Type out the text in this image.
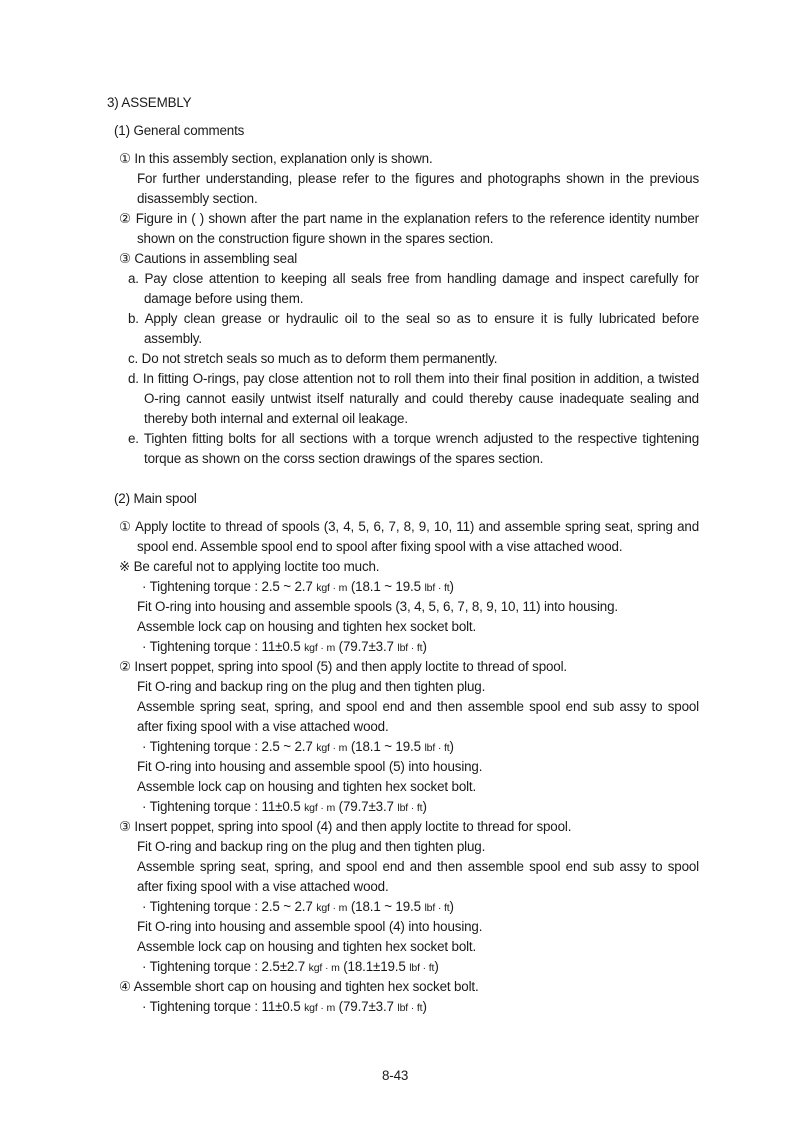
3) ASSEMBLY
(1) General comments
① In this assembly section, explanation only is shown.
For further understanding, please refer to the figures and photographs shown in the previous
disassembly section.
② Figure in ( ) shown after the part name in the explanation refers to the reference identity number
shown on the construction figure shown in the spares section.
③ Cautions in assembling seal
a. Pay close attention to keeping all seals free from handling damage and inspect carefully for
damage before using them.
b. Apply clean grease or hydraulic oil to the seal so as to ensure it is fully lubricated before
assembly.
c. Do not stretch seals so much as to deform them permanently.
d. In fitting O-rings, pay close attention not to roll them into their final position in addition, a twisted
O-ring cannot easily untwist itself naturally and could thereby cause inadequate sealing and
thereby both internal and external oil leakage.
e. Tighten fitting bolts for all sections with a torque wrench adjusted to the respective tightening
torque as shown on the corss section drawings of the spares section.
(2) Main spool
① Apply loctite to thread of spools (3, 4, 5, 6, 7, 8, 9, 10, 11) and assemble spring seat, spring and
spool end. Assemble spool end to spool after fixing spool with a vise attached wood.
※ Be careful not to applying loctite too much.
· Tightening torque : 2.5 ~ 2.7 kgf · m (18.1 ~ 19.5 lbf · ft)
Fit O-ring into housing and assemble spools (3, 4, 5, 6, 7, 8, 9, 10, 11) into housing.
Assemble lock cap on housing and tighten hex socket bolt.
· Tightening torque : 11±0.5 kgf · m (79.7±3.7 lbf · ft)
② Insert poppet, spring into spool (5) and then apply loctite to thread of spool.
Fit O-ring and backup ring on the plug and then tighten plug.
Assemble spring seat, spring, and spool end and then assemble spool end sub assy to spool
after fixing spool with a vise attached wood.
· Tightening torque : 2.5 ~ 2.7 kgf · m (18.1 ~ 19.5 lbf · ft)
Fit O-ring into housing and assemble spool (5) into housing.
Assemble lock cap on housing and tighten hex socket bolt.
· Tightening torque : 11±0.5 kgf · m (79.7±3.7 lbf · ft)
③ Insert poppet, spring into spool (4) and then apply loctite to thread for spool.
Fit O-ring and backup ring on the plug and then tighten plug.
Assemble spring seat, spring, and spool end and then assemble spool end sub assy to spool
after fixing spool with a vise attached wood.
· Tightening torque : 2.5 ~ 2.7 kgf · m (18.1 ~ 19.5 lbf · ft)
Fit O-ring into housing and assemble spool (4) into housing.
Assemble lock cap on housing and tighten hex socket bolt.
· Tightening torque : 2.5±2.7 kgf · m (18.1±19.5 lbf · ft)
④ Assemble short cap on housing and tighten hex socket bolt.
· Tightening torque : 11±0.5 kgf · m (79.7±3.7 lbf · ft)
8-43
